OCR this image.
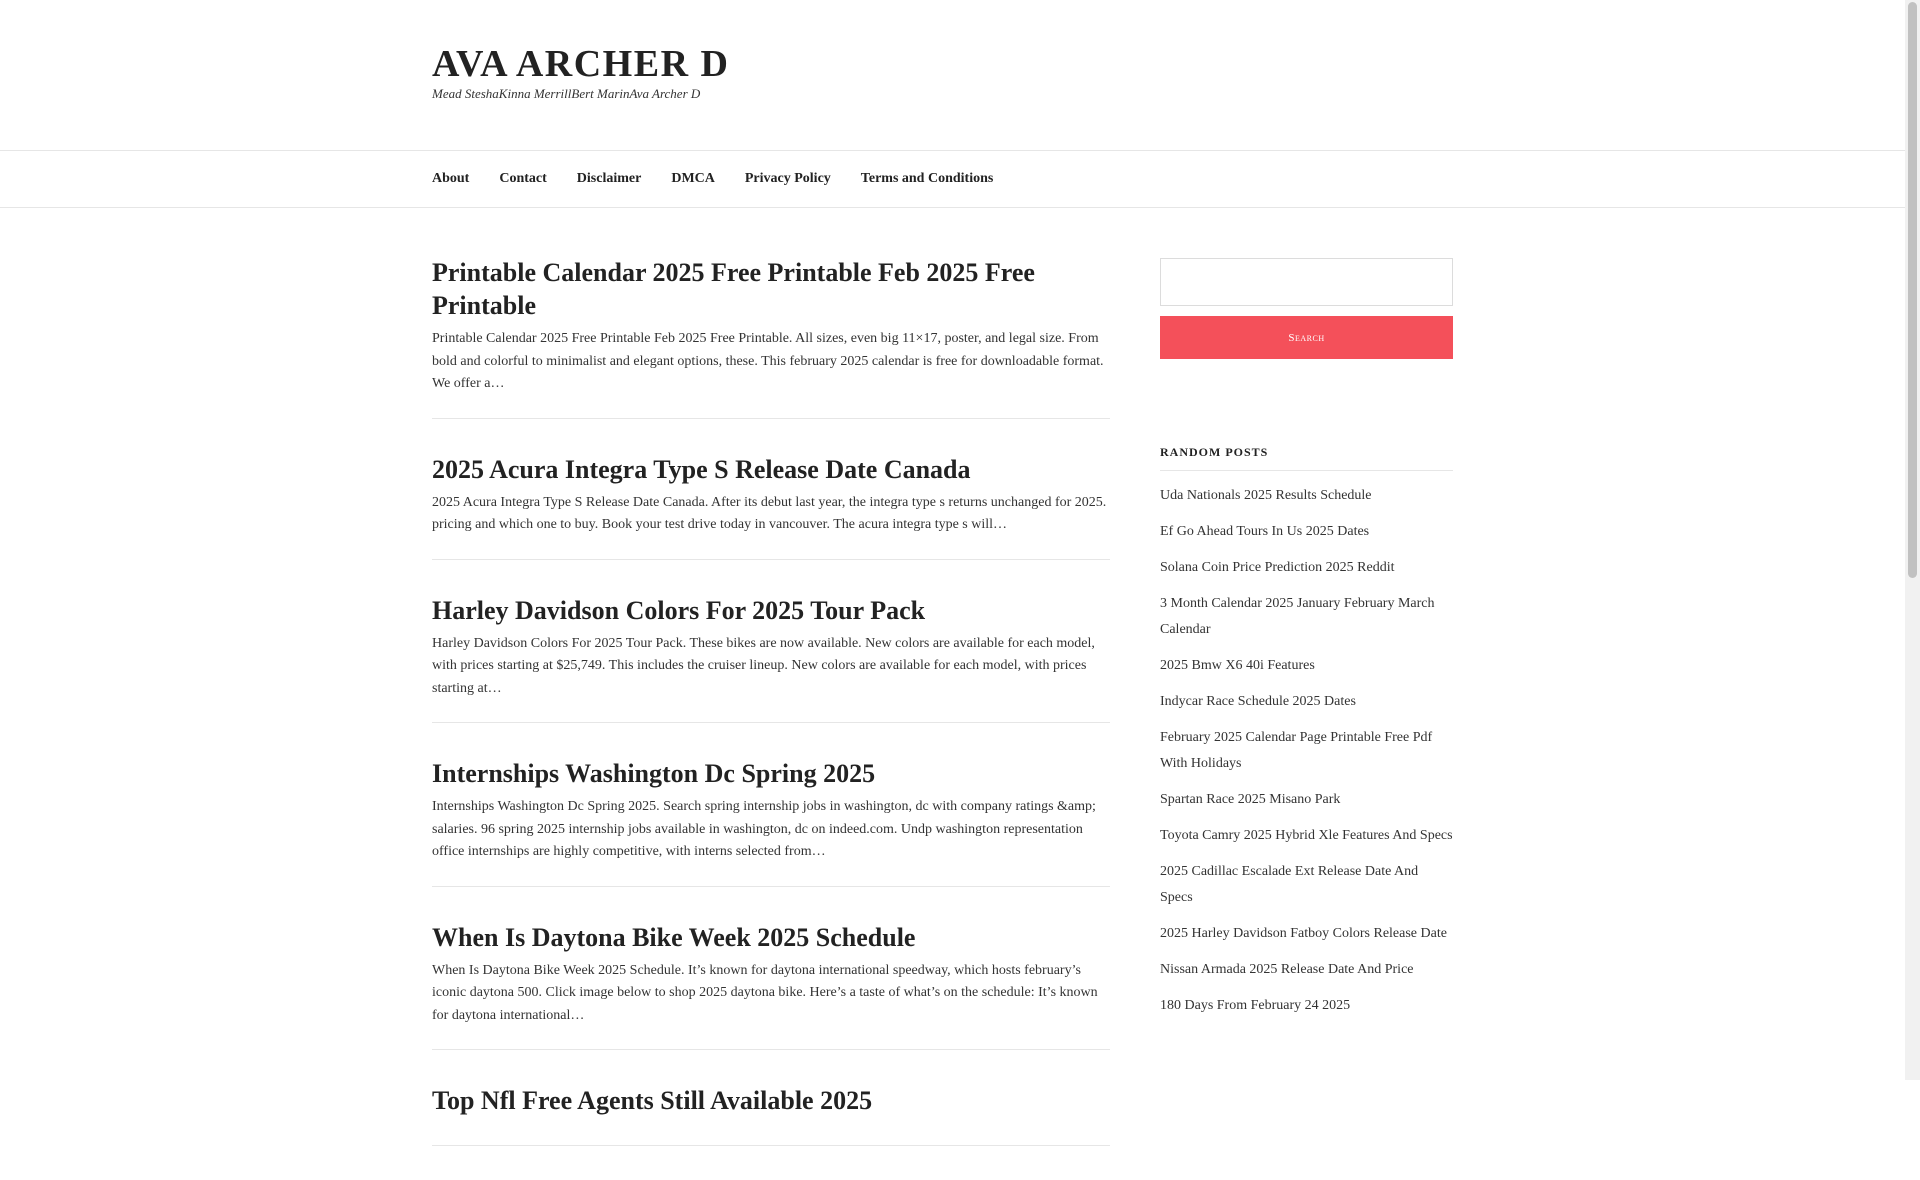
AVA ARCHER D

Mead SteshaKinna MerrillBert MarinAva Archer D

About Contact Disclaimer DMCA Privacy Policy Terms and Conditions
Printable Calendar 2025 Free Printable Feb 2025 Free Printable

Printable Calendar 2025 Free Printable Feb 2025 Free Printable. All sizes, even big 11×17, poster, and legal size. From bold and colorful to minimalist and elegant options, these. This february 2025 calendar is free for downloadable format. We offer a…

2025 Acura Integra Type S Release Date Canada

2025 Acura Integra Type S Release Date Canada. After its debut last year, the integra type s returns unchanged for 2025. pricing and which one to buy. Book your test drive today in vancouver. The acura integra type s will…

Harley Davidson Colors For 2025 Tour Pack

Harley Davidson Colors For 2025 Tour Pack. These bikes are now available. New colors are available for each model, with prices starting at $25,749. This includes the cruiser lineup. New colors are available for each model, with prices starting at…

Internships Washington Dc Spring 2025

Internships Washington Dc Spring 2025. Search spring internship jobs in washington, dc with company ratings &amp; salaries. 96 spring 2025 internship jobs available in washington, dc on indeed.com. Undp washington representation office internships are highly competitive, with interns selected from…

When Is Daytona Bike Week 2025 Schedule

When Is Daytona Bike Week 2025 Schedule. It’s known for daytona international speedway, which hosts february’s iconic daytona 500. Click image below to shop 2025 daytona bike. Here’s a taste of what’s on the schedule: It’s known for daytona international…

Top Nfl Free Agents Still Available 2025
Search
RANDOM POSTS
Uda Nationals 2025 Results Schedule
Ef Go Ahead Tours In Us 2025 Dates
Solana Coin Price Prediction 2025 Reddit
3 Month Calendar 2025 January February March Calendar
2025 Bmw X6 40i Features
Indycar Race Schedule 2025 Dates
February 2025 Calendar Page Printable Free Pdf With Holidays
Spartan Race 2025 Misano Park
Toyota Camry 2025 Hybrid Xle Features And Specs
2025 Cadillac Escalade Ext Release Date And Specs
2025 Harley Davidson Fatboy Colors Release Date
Nissan Armada 2025 Release Date And Price
180 Days From February 24 2025
